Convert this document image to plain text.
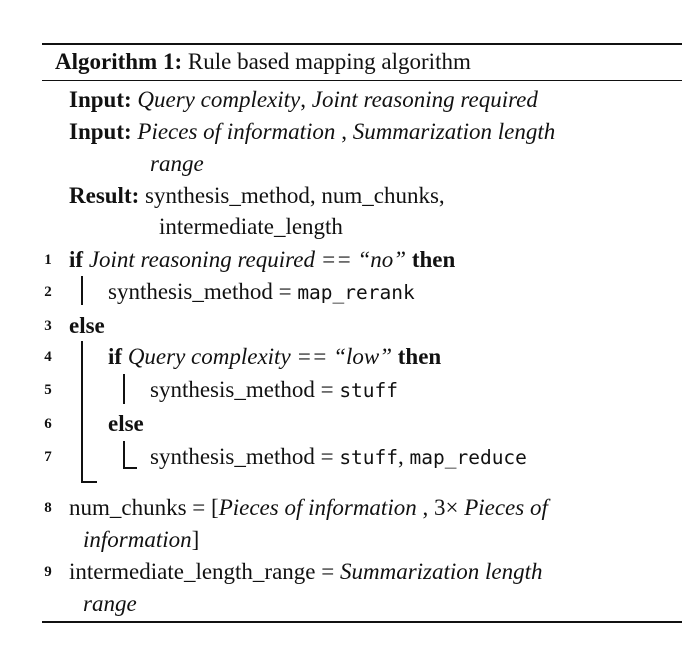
Algorithm 1: Rule based mapping algorithm
Input: Query complexity, Joint reasoning required
Input: Pieces of information , Summarization length
range
Result: synthesis_method, num_chunks,
intermediate_length
1 if Joint reasoning required == “no” then
2 synthesis_method = map_rerank
3 else
4 if Query complexity == “low” then
5	synthesis_method = stuff
6 else
7	synthesis_method = stuff, map_reduce
8 num_chunks = [Pieces of information , 3× Pieces of
information]
9 intermediate_length_range = Summarization length
range
